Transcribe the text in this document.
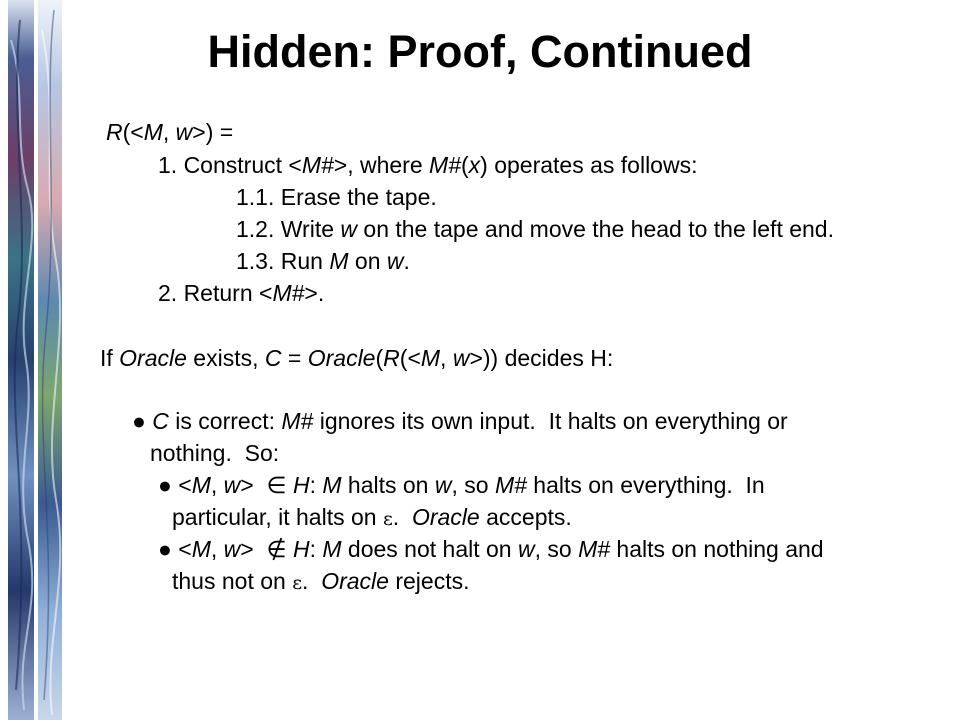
Hidden: Proof, Continued
R(<M, w>) =
1. Construct <M#>, where M#(x) operates as follows:
1.1. Erase the tape.
1.2. Write w on the tape and move the head to the left end.
1.3. Run M on w.
2. Return <M#>.
If Oracle exists, C = Oracle(R(<M, w>)) decides H:
● C is correct: M# ignores its own input.  It halts on everything or
nothing.  So:
● <M, w>  ∈ H: M halts on w, so M# halts on everything.  In
particular, it halts on ε.  Oracle accepts.
● <M, w>  ∉ H: M does not halt on w, so M# halts on nothing and
thus not on ε.  Oracle rejects.
